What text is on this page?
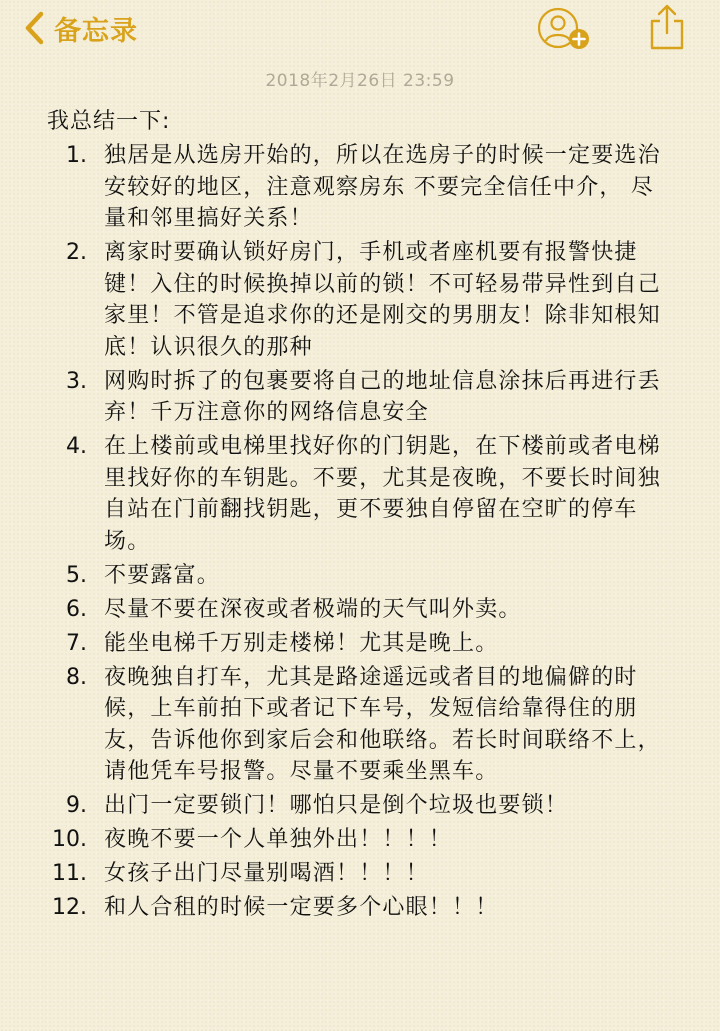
备忘录
2018年2月26日 23:59

我总结一下:

1. 独居是从选房开始的，所以在选房子的时候一定要选治安较好的地区，注意观察房东 不要完全信任中介， 尽量和邻里搞好关系！
2. 离家时要确认锁好房门，手机或者座机要有报警快捷键！入住的时候换掉以前的锁！不可轻易带异性到自己家里！不管是追求你的还是刚交的男朋友！除非知根知底！认识很久的那种
3. 网购时拆了的包裹要将自己的地址信息涂抹后再进行丢弃！千万注意你的网络信息安全
4. 在上楼前或电梯里找好你的门钥匙，在下楼前或者电梯里找好你的车钥匙。不要，尤其是夜晚，不要长时间独自站在门前翻找钥匙，更不要独自停留在空旷的停车场。
5. 不要露富。
6. 尽量不要在深夜或者极端的天气叫外卖。
7. 能坐电梯千万别走楼梯！尤其是晚上。
8. 夜晚独自打车，尤其是路途遥远或者目的地偏僻的时候，上车前拍下或者记下车号，发短信给靠得住的朋友，告诉他你到家后会和他联络。若长时间联络不上，请他凭车号报警。尽量不要乘坐黑车。
9. 出门一定要锁门！哪怕只是倒个垃圾也要锁！
10. 夜晚不要一个人单独外出！！！！
11. 女孩子出门尽量别喝酒！！！！
12. 和人合租的时候一定要多个心眼！！！
